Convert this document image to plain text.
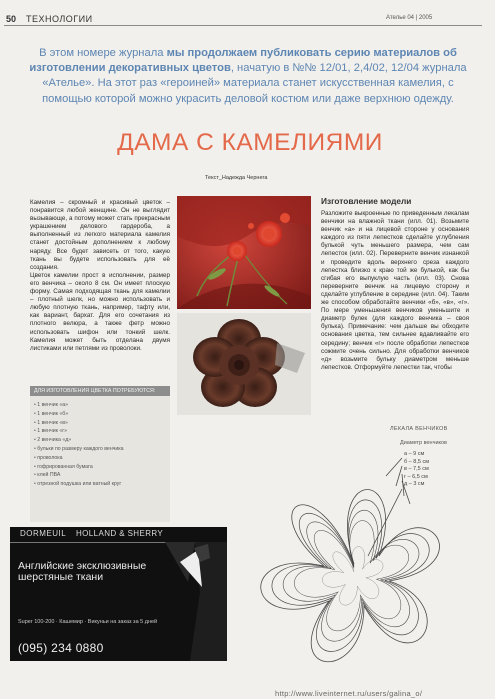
50 ТЕХНОЛОГИИ	Ателье 04 | 2005
В этом номере журнала мы продолжаем публиковать серию материалов об изготовлении декоративных цветов, начатую в №№ 12/01, 2,4/02, 12/04 журнала «Ателье». На этот раз «героиней» материала станет искусственная камелия, с помощью которой можно украсить деловой костюм или даже верхнюю одежду.
ДАМА С КАМЕЛИЯМИ
Текст_Надежда Чернега

Камелия – скромный и красивый цветок – понравится любой женщине. Он не выглядит вызывающе, а потому может стать прекрасным украшением делового гардероба, а выполненный из легкого материала камелия станет достойным дополнением к любому наряду. Все будет зависеть от того, какую ткань вы будете использовать для её создания.

Цветок камелии прост в исполнении, размер его венчика – около 8 см. Он имеет плоскую форму. Самая подходящая ткань для камелии – плотный шелк, но можно использовать и любую плотную ткань, например, тафту или, как вариант, бархат. Для его сочетания из плотного велюра, а также фетр можно использовать шифон или тонкий шелк. Камелия может быть отделана двумя листиками или петлями из проволоки.

ДЛЯ ИЗГОТОВЛЕНИЯ ЦВЕТКА ПОТРЕБУЮТСЯ:
• 1 венчик «а»
• 1 венчик «б»
• 1 венчик «в»
• 1 венчик «г»
• 2 венчика «д»
• бульки по размеру каждого венчика
• проволока
• гофрированная бумага
• клей ПВА
• отрезной подушка или ватный круг
Изготовление модели
Разложите выкроенные по приведенным лекалам венчики на влажной ткани (илл. 01). Возьмите венчик «а» и на лицевой стороне у основания каждого из пяти лепестков сделайте углубления булькой чуть меньшего размера, чем сам лепесток (илл. 02). Переверните венчик изнанкой и проведите вдоль верхнего среза каждого лепестка близко к краю той же булькой, как бы сгибая его выпуклую часть (илл. 03). Снова переверните венчик на лицевую сторону и сделайте углубление в середине (илл. 04). Таким же способом обработайте венчики «б», «в», «г». По мере уменьшения венчиков уменьшите и диаметр булек (для каждого венчика – своя булька). Примечание: чем дальше вы обходите основания цветка, тем сильнее вдавливайте его середину; венчик «г» после обработки лепестков сожмите очень сильно. Для обработки венчиков «д» возьмите бульку диаметром меньше лепестков. Отформуйте лепестки так, чтобы
DORMEUIL HOLLAND & SHERRY
Английские эксклюзивные шерстяные ткани
Super 100-200 · Кашемир · Викуньи на заказ за 5 дней
(095) 234 0880
ЛЕКАЛА ВЕНЧИКОВ
Диаметр венчиков
а – 9 см
б – 8,5 см
в – 7,5 см
г – 6,5 см
д – 3 см
http://www.liveinternet.ru/users/galina_o/
